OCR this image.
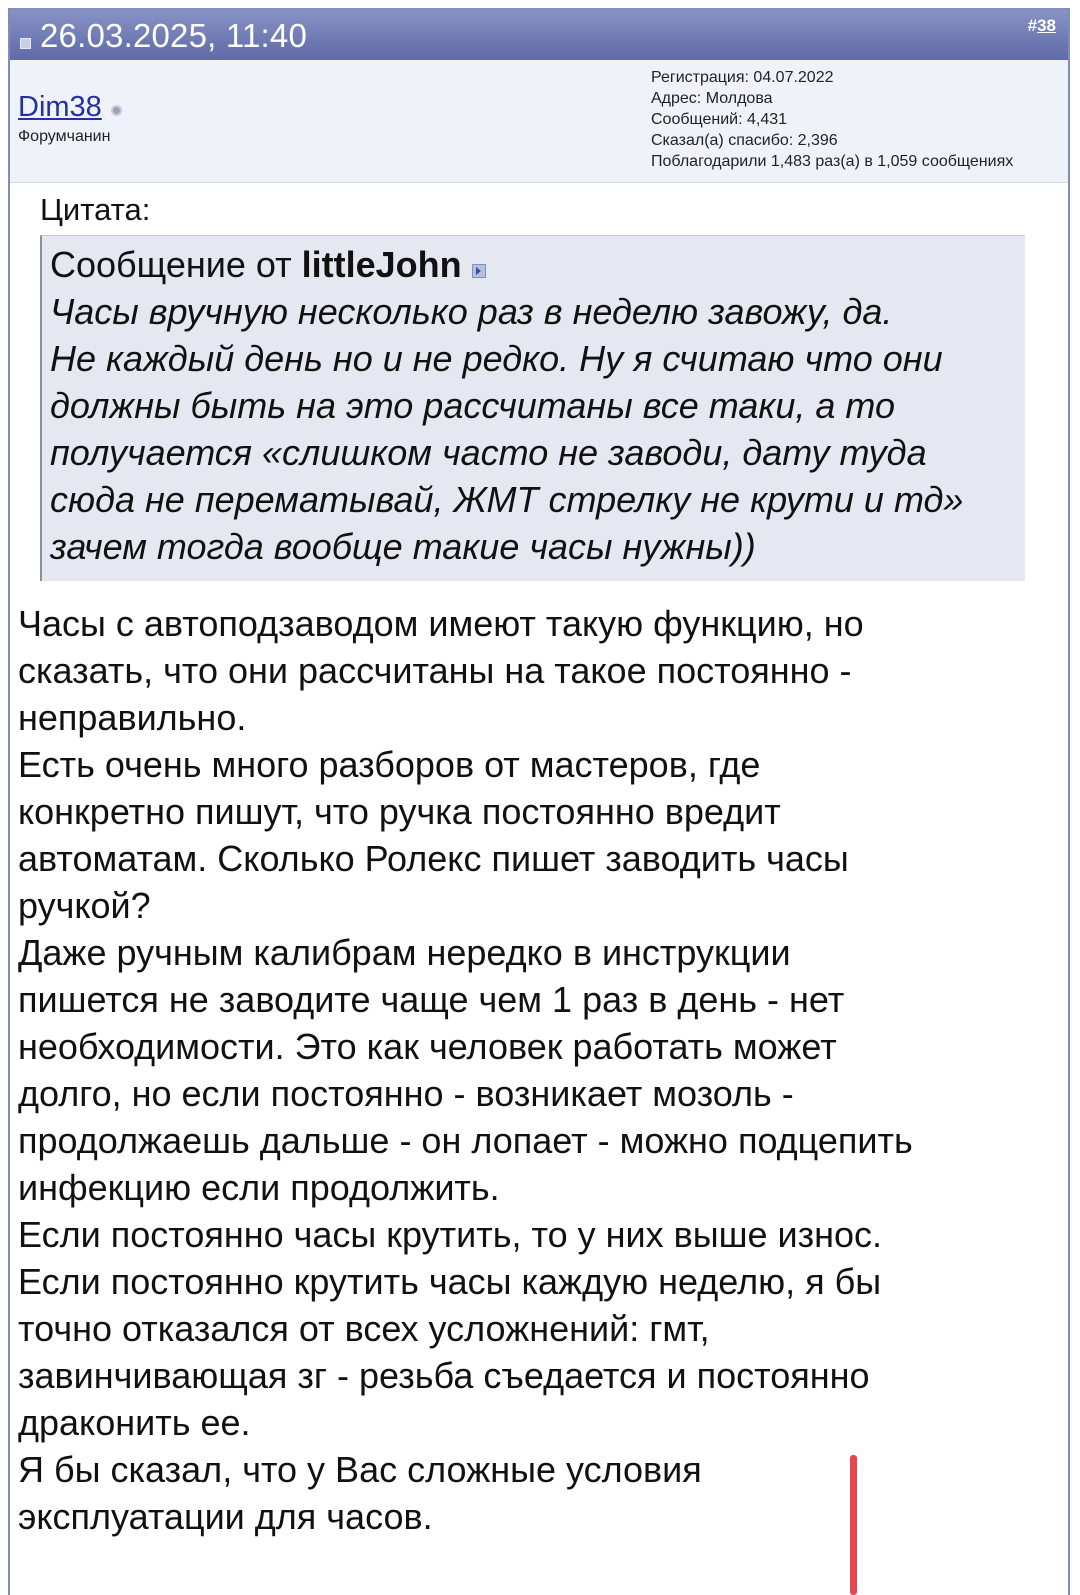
26.03.2025, 11:40	#38
Dim38
Форумчанин
Регистрация: 04.07.2022
Адрес: Молдова
Сообщений: 4,431
Сказал(а) спасибо: 2,396
Поблагодарили 1,483 раз(а) в 1,059 сообщениях
Цитата:
Сообщение от littleJohn
Часы вручную несколько раз в неделю завожу, да.
Не каждый день но и не редко. Ну я считаю что они
должны быть на это рассчитаны все таки, а то
получается «слишком часто не заводи, дату туда
сюда не перематывай, ЖМТ стрелку не крути и тд»
зачем тогда вообще такие часы нужны))
Часы с автоподзаводом имеют такую функцию, но
сказать, что они рассчитаны на такое постоянно -
неправильно.
Есть очень много разборов от мастеров, где
конкретно пишут, что ручка постоянно вредит
автоматам. Сколько Ролекс пишет заводить часы
ручкой?
Даже ручным калибрам нередко в инструкции
пишется не заводите чаще чем 1 раз в день - нет
необходимости. Это как человек работать может
долго, но если постоянно - возникает мозоль -
продолжаешь дальше - он лопает - можно подцепить
инфекцию если продолжить.
Если постоянно часы крутить, то у них выше износ.
Если постоянно крутить часы каждую неделю, я бы
точно отказался от всех усложнений: гмт,
завинчивающая зг - резьба съедается и постоянно
драконить ее.
Я бы сказал, что у Вас сложные условия
эксплуатации для часов.
